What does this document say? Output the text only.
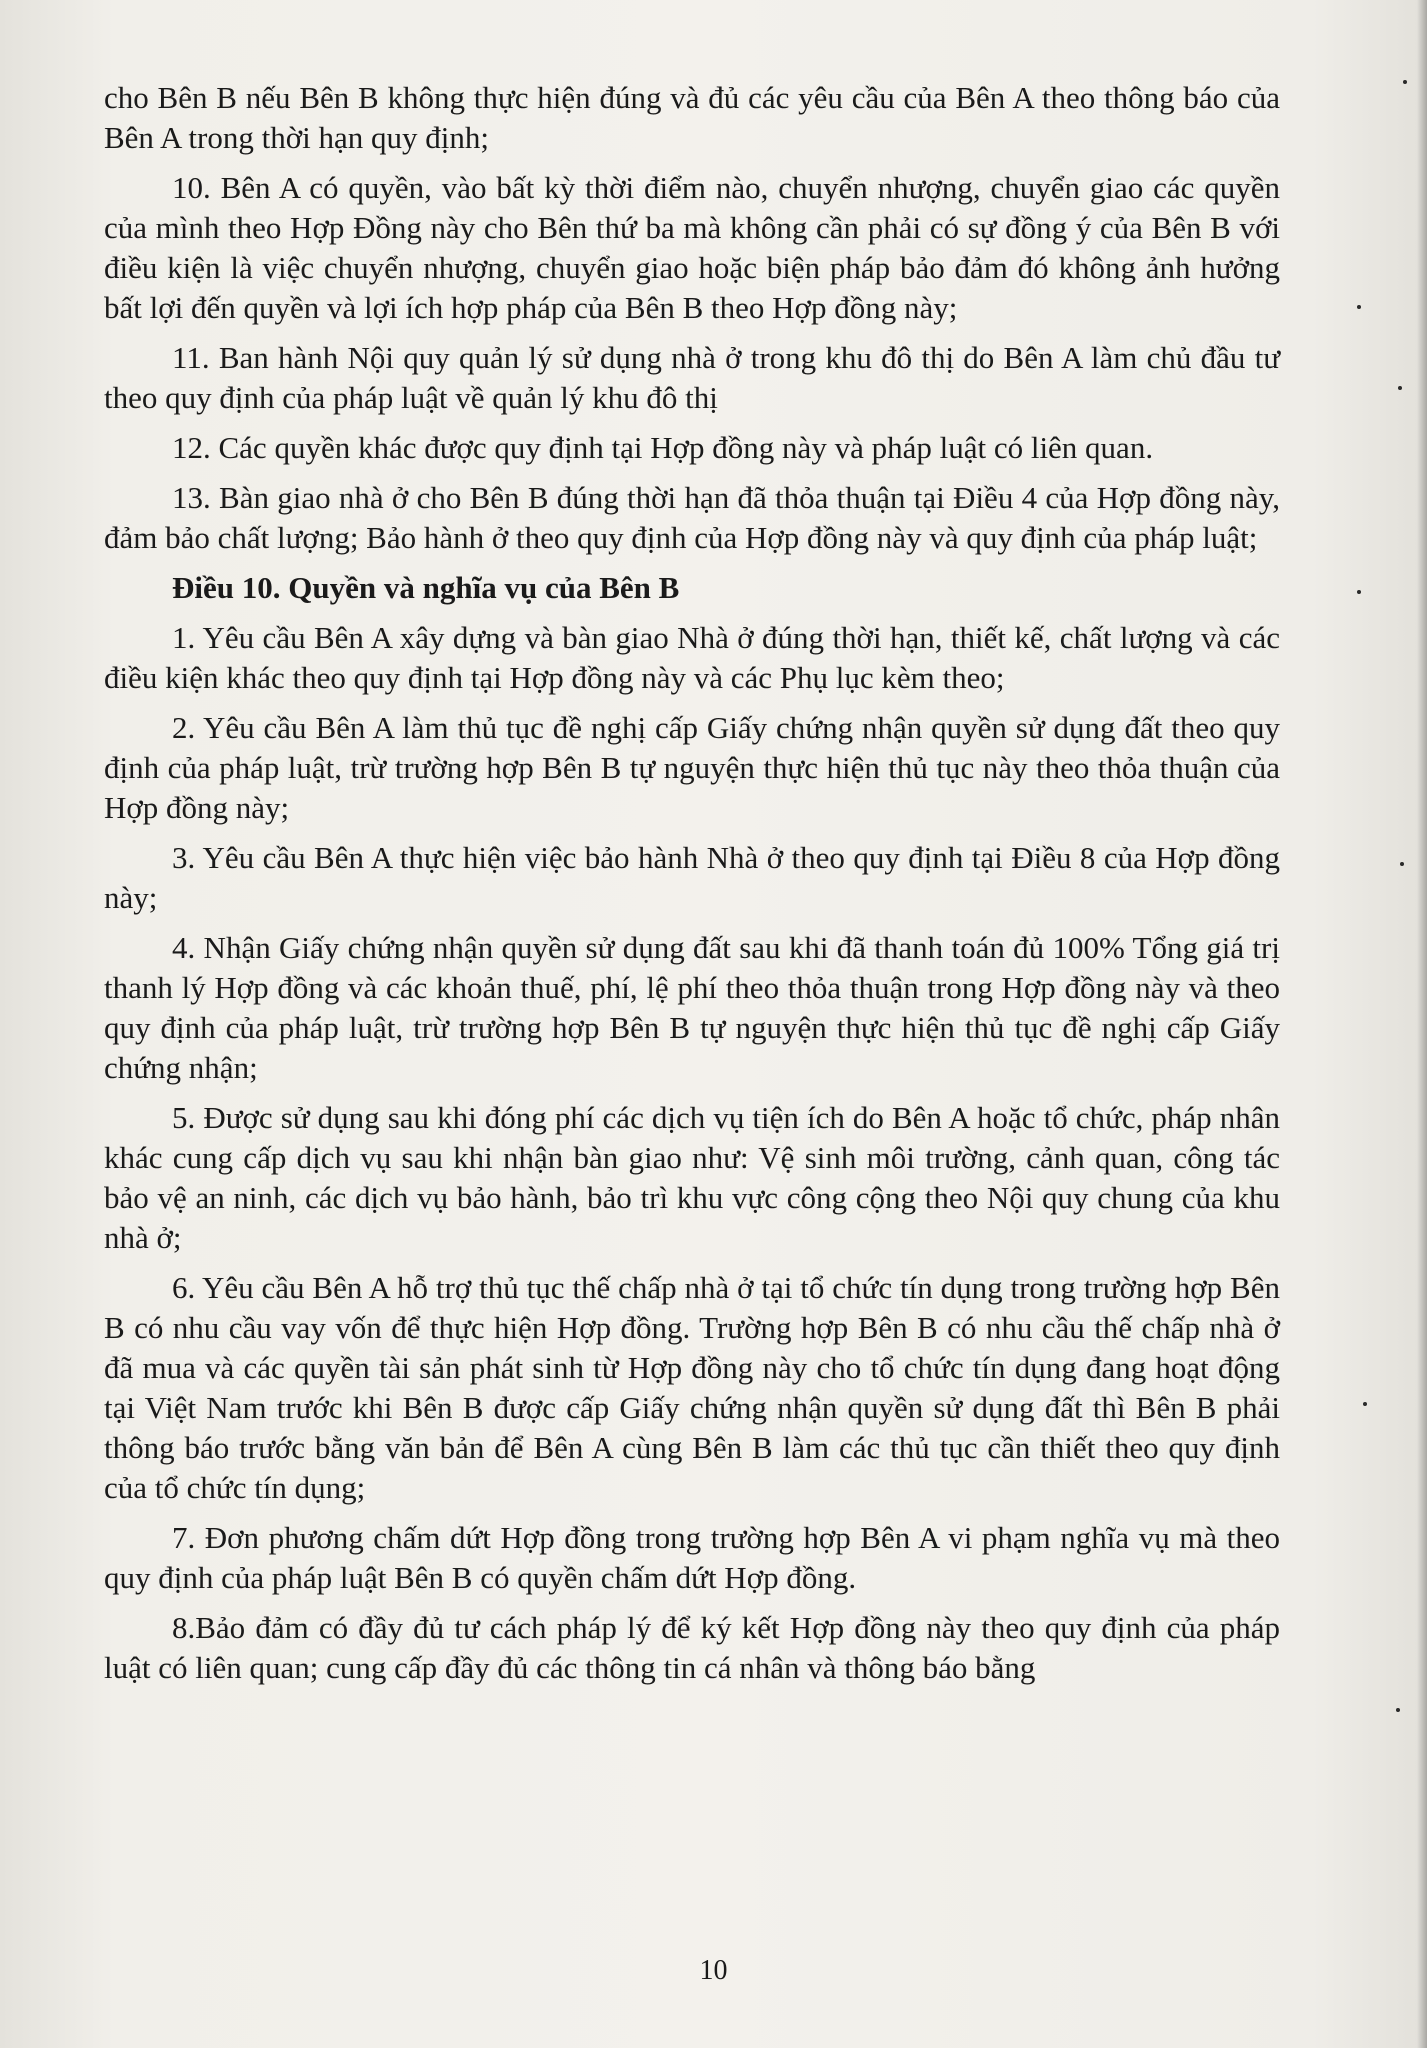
cho Bên B nếu Bên B không thực hiện đúng và đủ các yêu cầu của Bên A theo thông báo của Bên A trong thời hạn quy định;

10. Bên A có quyền, vào bất kỳ thời điểm nào, chuyển nhượng, chuyển giao các quyền của mình theo Hợp Đồng này cho Bên thứ ba mà không cần phải có sự đồng ý của Bên B với điều kiện là việc chuyển nhượng, chuyển giao hoặc biện pháp bảo đảm đó không ảnh hưởng bất lợi đến quyền và lợi ích hợp pháp của Bên B theo Hợp đồng này;

11. Ban hành Nội quy quản lý sử dụng nhà ở trong khu đô thị do Bên A làm chủ đầu tư theo quy định của pháp luật về quản lý khu đô thị

12. Các quyền khác được quy định tại Hợp đồng này và pháp luật có liên quan.

13. Bàn giao nhà ở cho Bên B đúng thời hạn đã thỏa thuận tại Điều 4 của Hợp đồng này, đảm bảo chất lượng; Bảo hành ở theo quy định của Hợp đồng này và quy định của pháp luật;

Điều 10. Quyền và nghĩa vụ của Bên B

1. Yêu cầu Bên A xây dựng và bàn giao Nhà ở đúng thời hạn, thiết kế, chất lượng và các điều kiện khác theo quy định tại Hợp đồng này và các Phụ lục kèm theo;

2. Yêu cầu Bên A làm thủ tục đề nghị cấp Giấy chứng nhận quyền sử dụng đất theo quy định của pháp luật, trừ trường hợp Bên B tự nguyện thực hiện thủ tục này theo thỏa thuận của Hợp đồng này;

3. Yêu cầu Bên A thực hiện việc bảo hành Nhà ở theo quy định tại Điều 8 của Hợp đồng này;

4. Nhận Giấy chứng nhận quyền sử dụng đất sau khi đã thanh toán đủ 100% Tổng giá trị thanh lý Hợp đồng và các khoản thuế, phí, lệ phí theo thỏa thuận trong Hợp đồng này và theo quy định của pháp luật, trừ trường hợp Bên B tự nguyện thực hiện thủ tục đề nghị cấp Giấy chứng nhận;

5. Được sử dụng sau khi đóng phí các dịch vụ tiện ích do Bên A hoặc tổ chức, pháp nhân khác cung cấp dịch vụ sau khi nhận bàn giao như: Vệ sinh môi trường, cảnh quan, công tác bảo vệ an ninh, các dịch vụ bảo hành, bảo trì khu vực công cộng theo Nội quy chung của khu nhà ở;

6. Yêu cầu Bên A hỗ trợ thủ tục thế chấp nhà ở tại tổ chức tín dụng trong trường hợp Bên B có nhu cầu vay vốn để thực hiện Hợp đồng. Trường hợp Bên B có nhu cầu thế chấp nhà ở đã mua và các quyền tài sản phát sinh từ Hợp đồng này cho tổ chức tín dụng đang hoạt động tại Việt Nam trước khi Bên B được cấp Giấy chứng nhận quyền sử dụng đất thì Bên B phải thông báo trước bằng văn bản để Bên A cùng Bên B làm các thủ tục cần thiết theo quy định của tổ chức tín dụng;

7. Đơn phương chấm dứt Hợp đồng trong trường hợp Bên A vi phạm nghĩa vụ mà theo quy định của pháp luật Bên B có quyền chấm dứt Hợp đồng.

8.Bảo đảm có đầy đủ tư cách pháp lý để ký kết Hợp đồng này theo quy định của pháp luật có liên quan; cung cấp đầy đủ các thông tin cá nhân và thông báo bằng

10
